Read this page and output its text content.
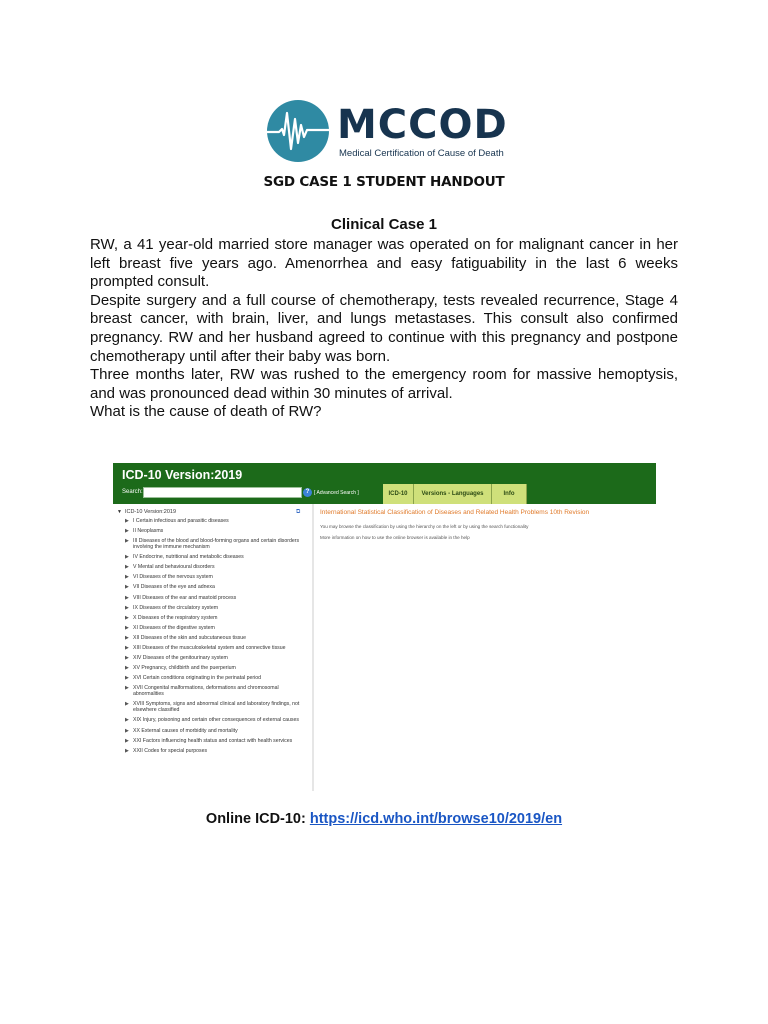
MCCOD
Medical Certification of Cause of Death
SGD CASE 1 STUDENT HANDOUT
Clinical Case 1

RW, a 41 year-old married store manager was operated on for malignant cancer in her left breast five years ago. Amenorrhea and easy fatiguability in the last 6 weeks prompted consult.

Despite surgery and a full course of chemotherapy, tests revealed recurrence, Stage 4 breast cancer, with brain, liver, and lungs metastases. This consult also confirmed pregnancy. RW and her husband agreed to continue with this pregnancy and postpone chemotherapy until after their baby was born.

Three months later, RW was rushed to the emergency room for massive hemoptysis, and was pronounced dead within 30 minutes of arrival.

What is the cause of death of RW?

ICD-10 Version:2019
Search:	? [ Advanced Search ]	ICD-10	Versions - Languages	Info
▼ ICD-10 Version:2019	⧉
▶ I Certain infectious and parasitic diseases
▶ II Neoplasms
▶ III Diseases of the blood and blood-forming organs and certain disorders involving the immune mechanism
▶ IV Endocrine, nutritional and metabolic diseases
▶ V Mental and behavioural disorders
▶ VI Diseases of the nervous system
▶ VII Diseases of the eye and adnexa
▶ VIII Diseases of the ear and mastoid process
▶ IX Diseases of the circulatory system
▶ X Diseases of the respiratory system
▶ XI Diseases of the digestive system
▶ XII Diseases of the skin and subcutaneous tissue
▶ XIII Diseases of the musculoskeletal system and connective tissue
▶ XIV Diseases of the genitourinary system
▶ XV Pregnancy, childbirth and the puerperium
▶ XVI Certain conditions originating in the perinatal period
▶ XVII Congenital malformations, deformations and chromosomal abnormalities
▶ XVIII Symptoms, signs and abnormal clinical and laboratory findings, not elsewhere classified
▶ XIX Injury, poisoning and certain other consequences of external causes
▶ XX External causes of morbidity and mortality
▶ XXI Factors influencing health status and contact with health services
▶ XXII Codes for special purposes
International Statistical Classification of Diseases and Related Health Problems 10th Revision
You may browse the classification by using the hierarchy on the left or by using the search functionality
More information on how to use the online browser is available in the help
Online ICD-10: https://icd.who.int/browse10/2019/en
